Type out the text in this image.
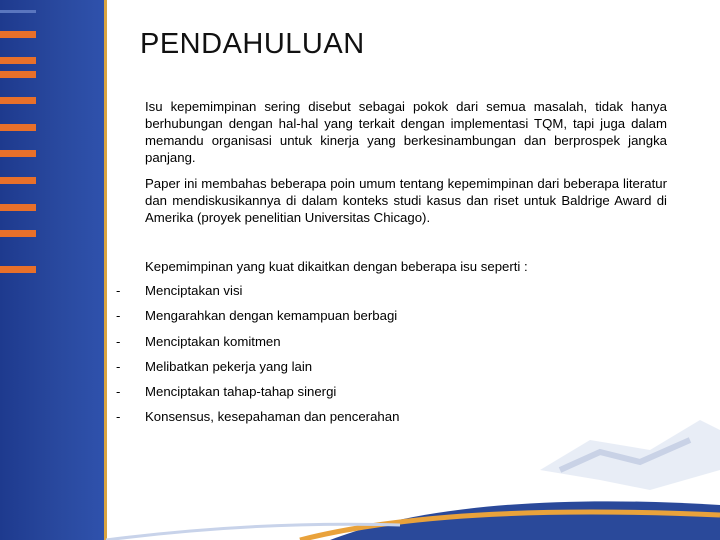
PENDAHULUAN
Isu kepemimpinan sering disebut sebagai pokok dari semua masalah, tidak hanya berhubungan dengan hal-hal yang terkait dengan implementasi TQM, tapi juga dalam memandu organisasi untuk kinerja yang berkesinambungan dan berprospek jangka panjang.
Paper ini membahas beberapa poin umum tentang kepemimpinan dari beberapa literatur dan mendiskusikannya di dalam konteks studi kasus dan riset untuk Baldrige Award di Amerika (proyek penelitian Universitas Chicago).
Kepemimpinan yang kuat dikaitkan dengan beberapa isu seperti :
- Menciptakan visi
- Mengarahkan dengan kemampuan berbagi
- Menciptakan komitmen
- Melibatkan pekerja yang lain
- Menciptakan tahap-tahap sinergi
- Konsensus, kesepahaman dan pencerahan
